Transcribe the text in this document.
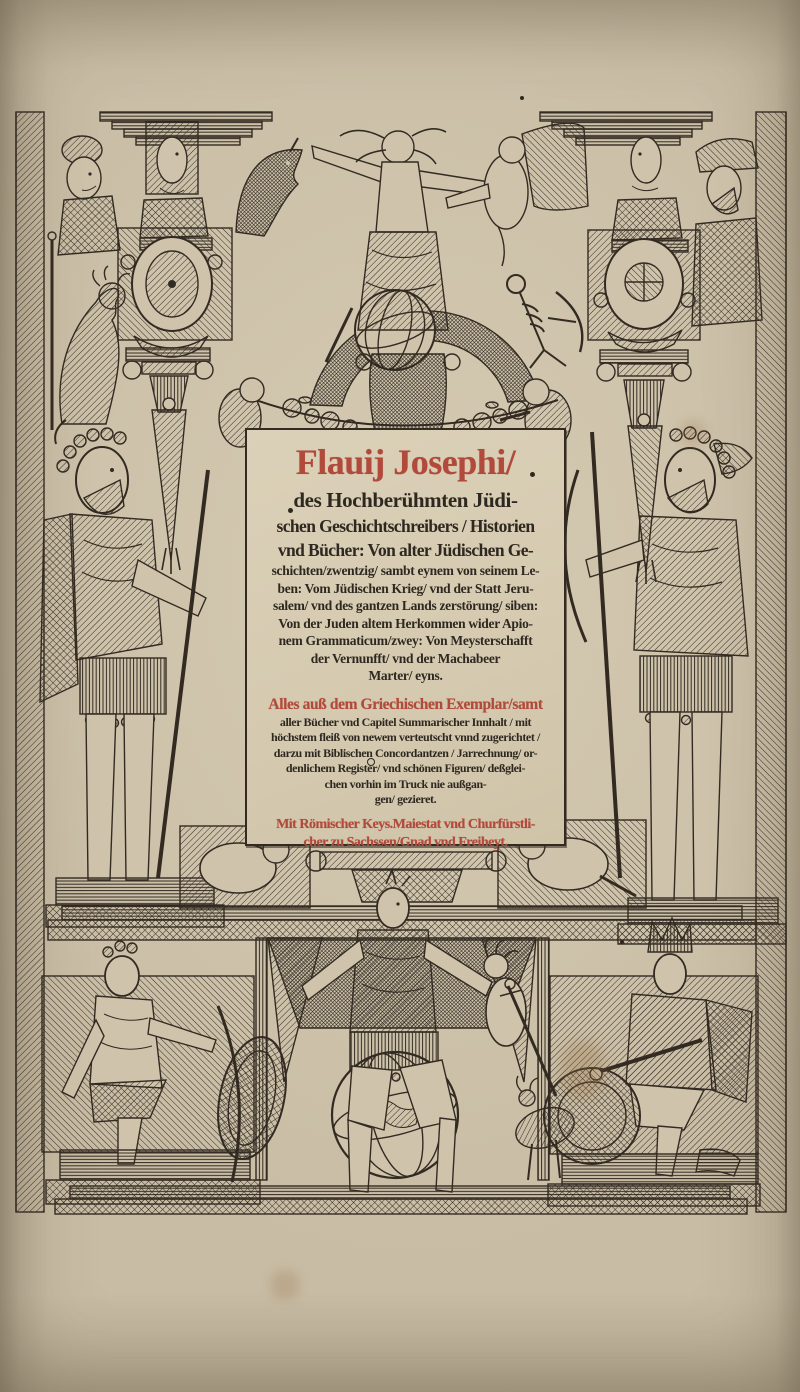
Flauij Josephi/
des Hochberühmten Jüdi-
schen Geschichtschreibers / Historien
vnd Bücher: Von alter Jüdischen Ge-
schichten/zwentzig/ sambt eynem von seinem Le-
ben: Vom Jüdischen Krieg/ vnd der Statt Jeru-
salem/ vnd des gantzen Lands zerstörung/ siben:
Von der Juden altem Herkommen wider Apio-
nem Grammaticum/zwey: Von Meysterschafft
der Vernunfft/ vnd der Machabeer
Marter/ eyns.
Alles auß dem Griechischen Exemplar/samt
aller Bücher vnd Capitel Summarischer Innhalt / mit
höchstem fleiß von newem verteutscht vnnd zugerichtet /
darzu mit Biblischen Concordantzen / Jarrechnung/ or-
denlichem Register/ vnd schönen Figuren/ deßglei-
chen vorhin im Truck nie außgan-
gen/ gezieret.
Mit Römischer Keys.Maiestat vnd Churfürstli-
cher zu Sachssen/Gnad vnd Freiheyt.
